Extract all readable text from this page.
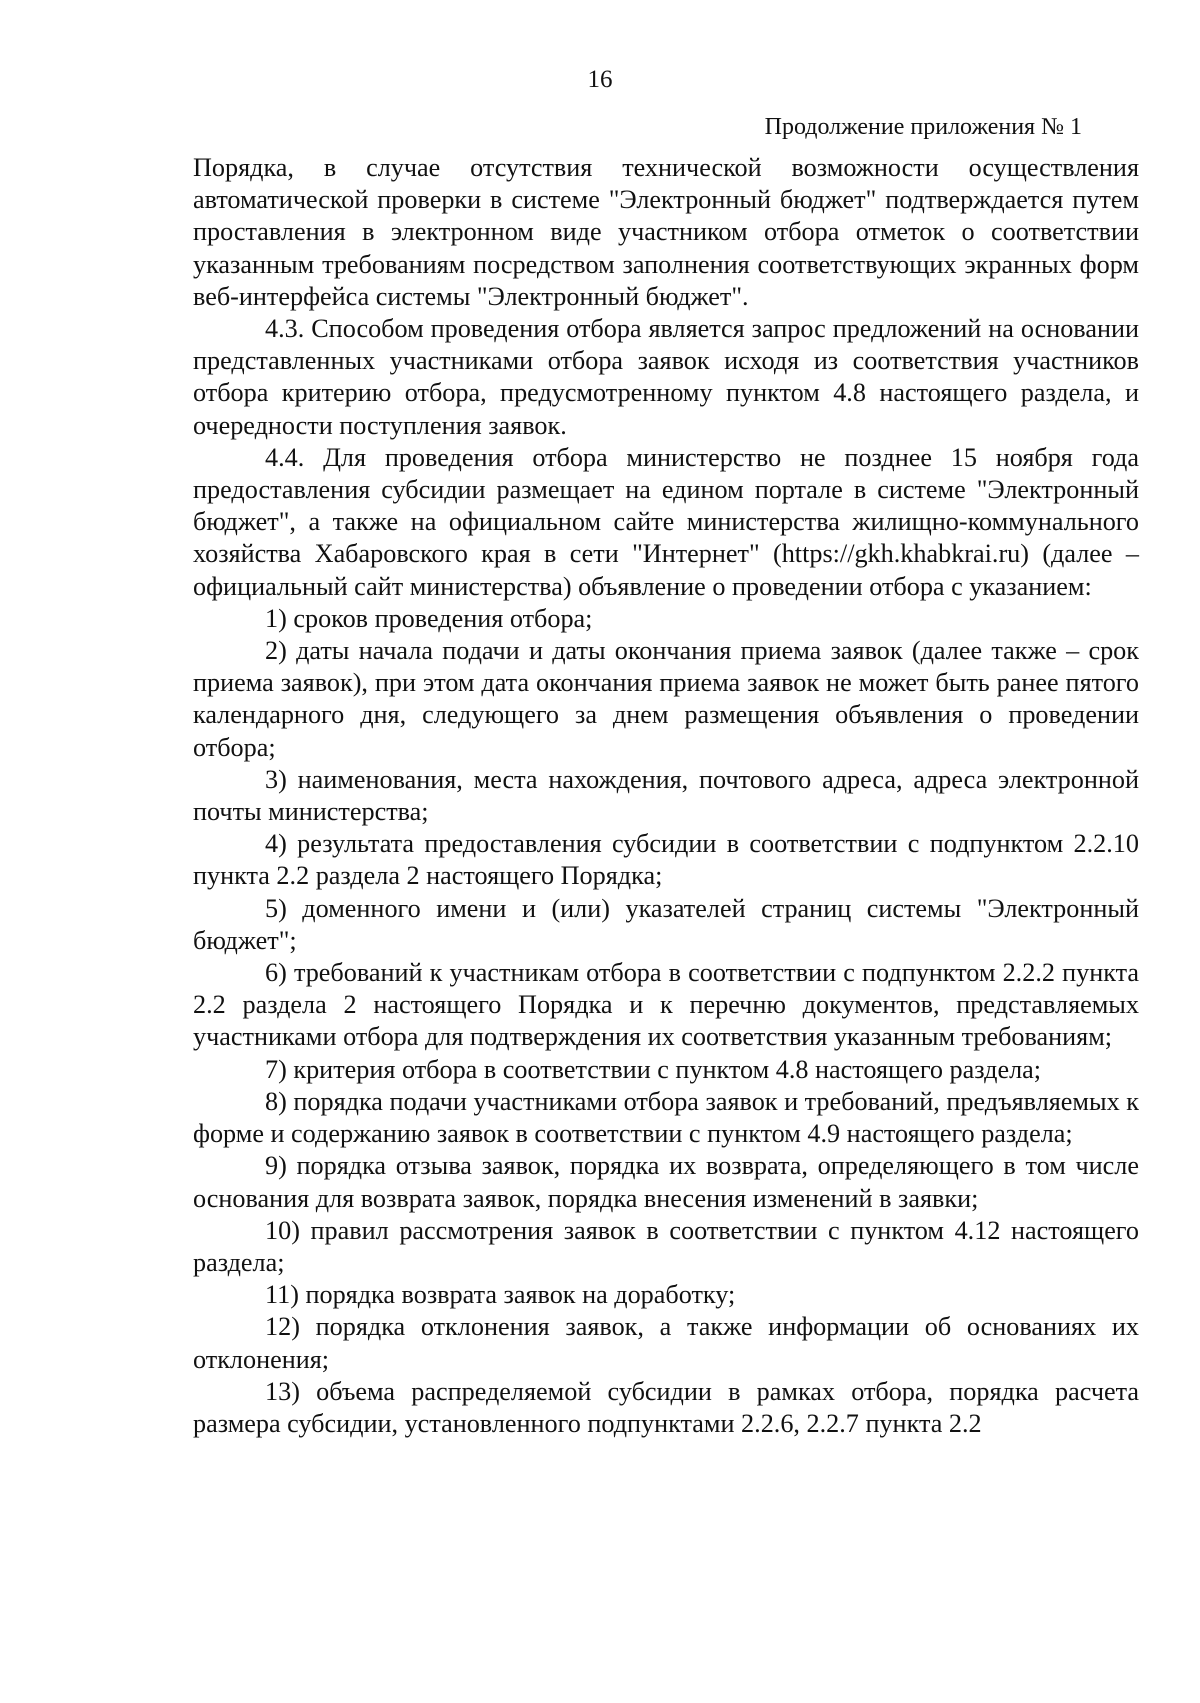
16
Продолжение приложения № 1

Порядка, в случае отсутствия технической возможности осуществления автоматической проверки в системе "Электронный бюджет" подтверждается путем проставления в электронном виде участником отбора отметок о соответствии указанным требованиям посредством заполнения соответствующих экранных форм веб-интерфейса системы "Электронный бюджет".

4.3. Способом проведения отбора является запрос предложений на основании представленных участниками отбора заявок исходя из соответствия участников отбора критерию отбора, предусмотренному пунктом 4.8 настоящего раздела, и очередности поступления заявок.

4.4. Для проведения отбора министерство не позднее 15 ноября года предоставления субсидии размещает на едином портале в системе "Электронный бюджет", а также на официальном сайте министерства жилищно-коммунального хозяйства Хабаровского края в сети "Интернет" (https://gkh.khabkrai.ru) (далее – официальный сайт министерства) объявление о проведении отбора с указанием:

1) сроков проведения отбора;

2) даты начала подачи и даты окончания приема заявок (далее также – срок приема заявок), при этом дата окончания приема заявок не может быть ранее пятого календарного дня, следующего за днем размещения объявления о проведении отбора;

3) наименования, места нахождения, почтового адреса, адреса электронной почты министерства;

4) результата предоставления субсидии в соответствии с подпунктом 2.2.10 пункта 2.2 раздела 2 настоящего Порядка;

5) доменного имени и (или) указателей страниц системы "Электронный бюджет";

6) требований к участникам отбора в соответствии с подпунктом 2.2.2 пункта 2.2 раздела 2 настоящего Порядка и к перечню документов, представляемых участниками отбора для подтверждения их соответствия указанным требованиям;

7) критерия отбора в соответствии с пунктом 4.8 настоящего раздела;

8) порядка подачи участниками отбора заявок и требований, предъявляемых к форме и содержанию заявок в соответствии с пунктом 4.9 настоящего раздела;

9) порядка отзыва заявок, порядка их возврата, определяющего в том числе основания для возврата заявок, порядка внесения изменений в заявки;

10) правил рассмотрения заявок в соответствии с пунктом 4.12 настоящего раздела;

11) порядка возврата заявок на доработку;

12) порядка отклонения заявок, а также информации об основаниях их отклонения;

13) объема распределяемой субсидии в рамках отбора, порядка расчета размера субсидии, установленного подпунктами 2.2.6, 2.2.7 пункта 2.2
